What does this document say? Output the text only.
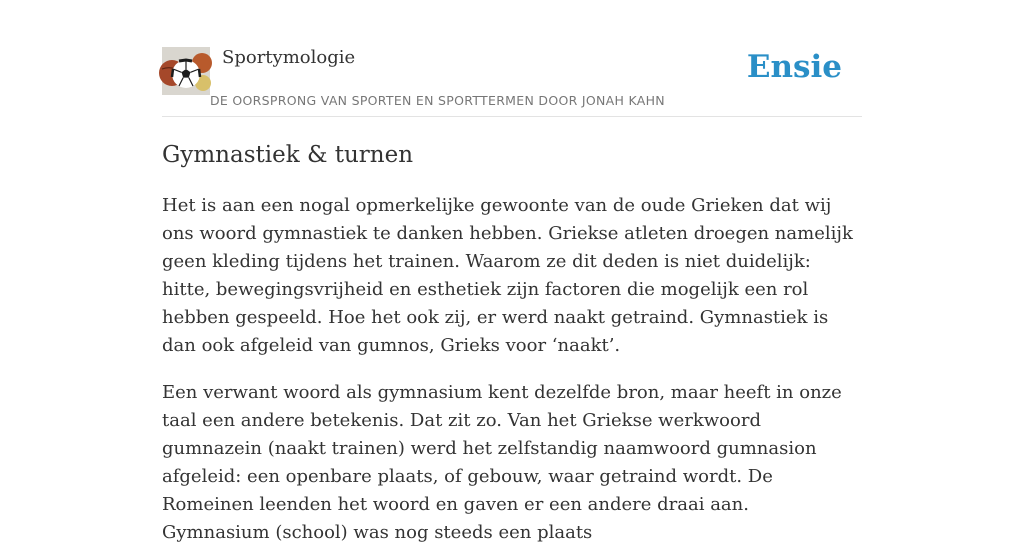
Sportymologie
DE OORSPRONG VAN SPORTEN EN SPORTTERMEN DOOR JONAH KAHN
Ensie
Gymnastiek & turnen

Het is aan een nogal opmerkelijke gewoonte van de oude Grieken dat wij ons woord gymnastiek te danken hebben. Griekse atleten droegen namelijk geen kleding tijdens het trainen. Waarom ze dit deden is niet duidelijk: hitte, bewegingsvrijheid en esthetiek zijn factoren die mogelijk een rol hebben gespeeld. Hoe het ook zij, er werd naakt getraind. Gymnastiek is dan ook afgeleid van gumnos, Grieks voor ‘naakt’.

Een verwant woord als gymnasium kent dezelfde bron, maar heeft in onze taal een andere betekenis. Dat zit zo. Van het Griekse werkwoord gumnazein (naakt trainen) werd het zelfstandig naamwoord gumnasion afgeleid: een openbare plaats, of gebouw, waar getraind wordt. De Romeinen leenden het woord en gaven er een andere draai aan. Gymnasium (school) was nog steeds een plaats
